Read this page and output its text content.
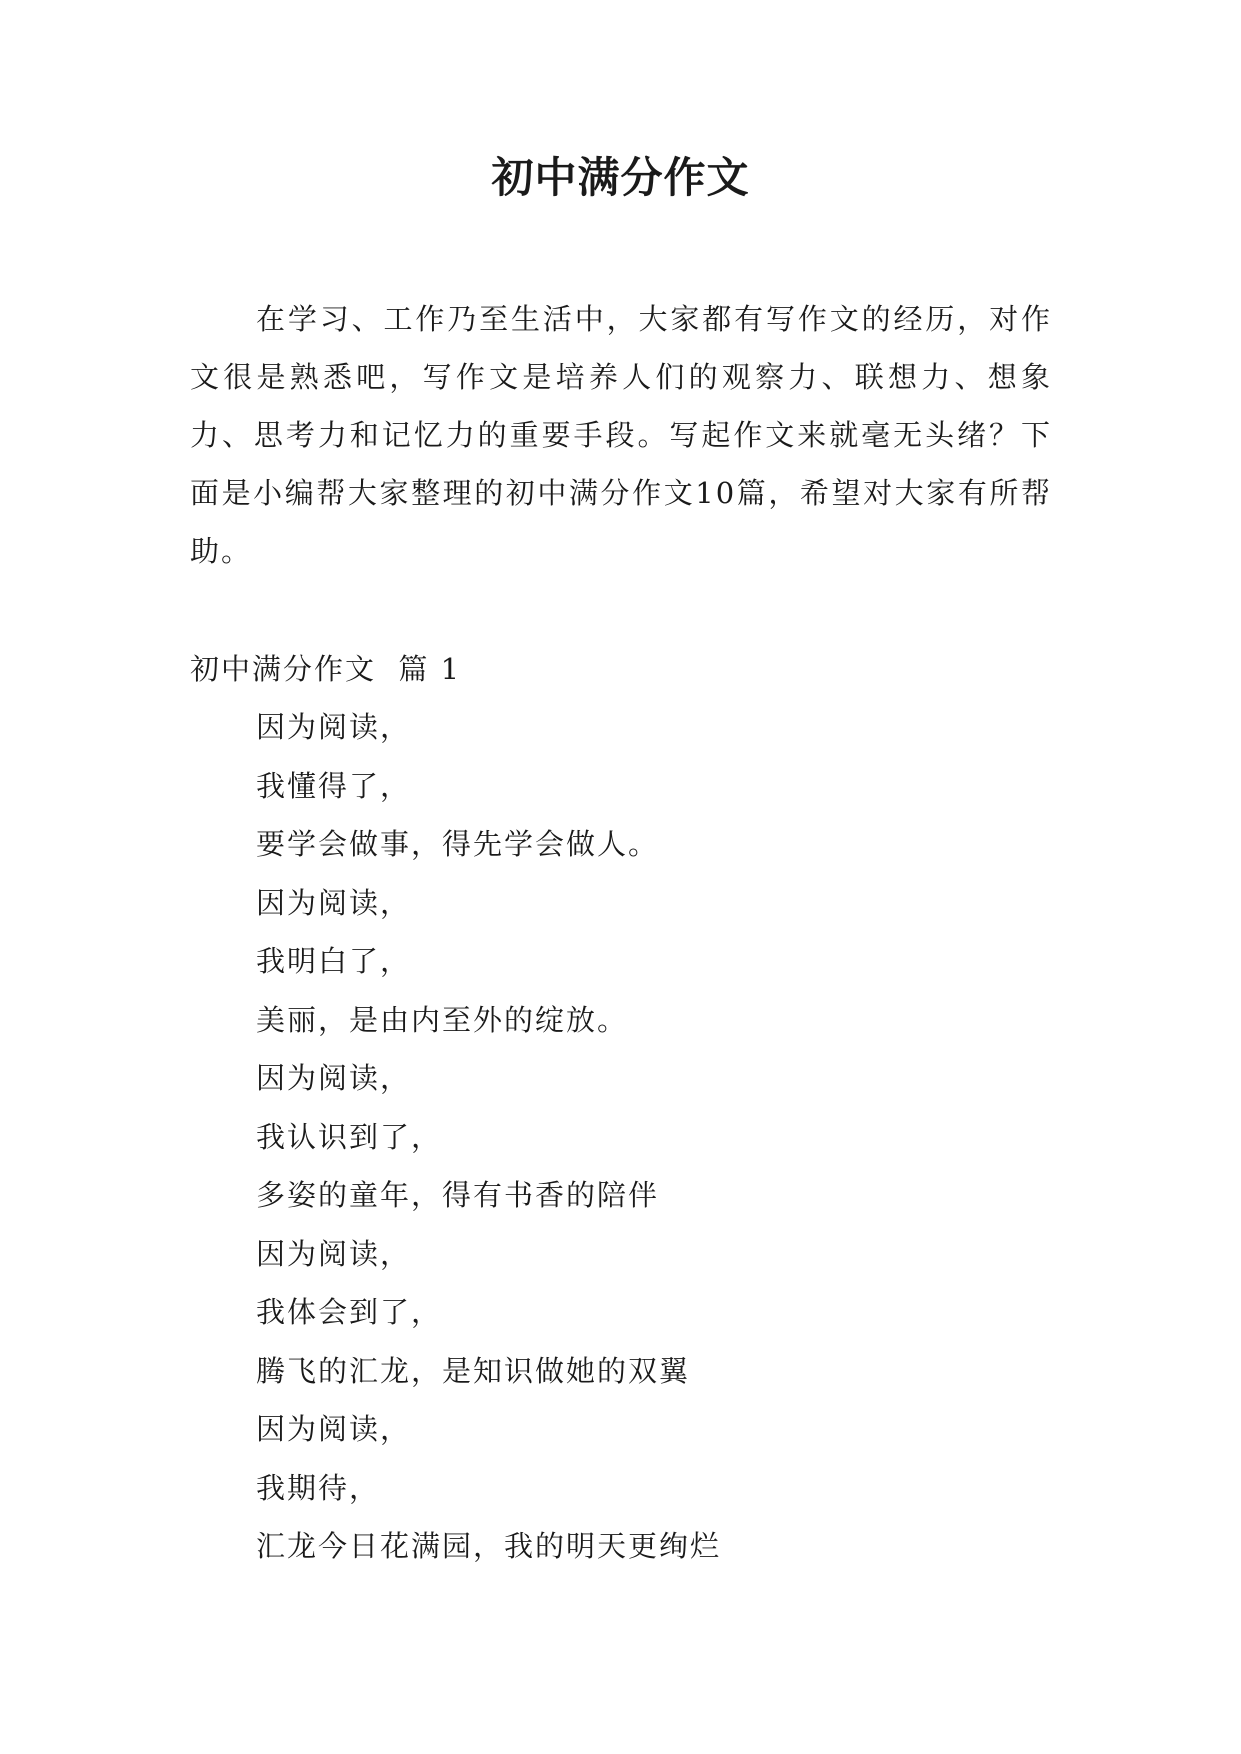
初中满分作文

在学习、工作乃至生活中，大家都有写作文的经历，对作文很是熟悉吧，写作文是培养人们的观察力、联想力、想象力、思考力和记忆力的重要手段。写起作文来就毫无头绪？下面是小编帮大家整理的初中满分作文10篇，希望对大家有所帮助。

初中满分作文  篇 1

因为阅读，
我懂得了，
要学会做事，得先学会做人。
因为阅读，
我明白了，
美丽，是由内至外的绽放。
因为阅读，
我认识到了，
多姿的童年，得有书香的陪伴
因为阅读，
我体会到了，
腾飞的汇龙，是知识做她的双翼
因为阅读，
我期待，
汇龙今日花满园，我的明天更绚烂
